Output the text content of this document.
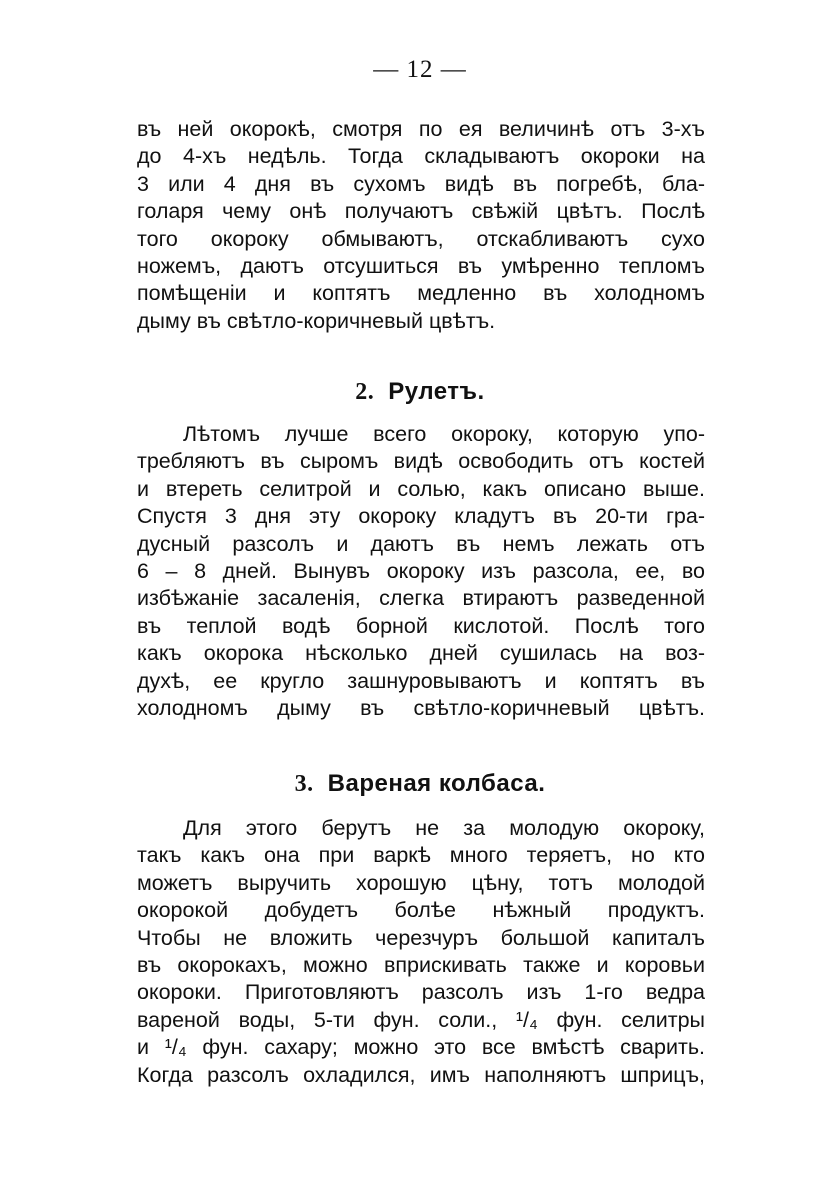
— 12 —
въ ней окорокѣ, смотря по ея величинѣ отъ 3-хъ
до 4-хъ недѣль. Тогда складываютъ окороки на
3 или 4 дня въ сухомъ видѣ въ погребѣ, бла-
голаря чему онѣ получаютъ свѣжiй цвѣтъ. Послѣ
того окороку обмываютъ, отскабливаютъ сухо
ножемъ, даютъ отсушиться въ умѣренно тепломъ
помѣщенiи и коптятъ медленно въ холодномъ
дыму въ свѣтло-коричневый цвѣтъ.
2. Рулетъ.
Лѣтомъ лучше всего окороку, которую упо-
требляютъ въ сыромъ видѣ освободить отъ костей
и втереть селитрой и солью, какъ описано выше.
Спустя 3 дня эту окороку кладутъ въ 20-ти гра-
дусный разсолъ и даютъ въ немъ лежать отъ
6 – 8 дней. Вынувъ окороку изъ разсола, ее, во
избѣжанiе засаленiя, слегка втираютъ разведенной
въ теплой водѣ борной кислотой. Послѣ того
какъ окорока нѣсколько дней сушилась на воз-
духѣ, ее кругло зашнуровываютъ и коптятъ въ
холодномъ дыму въ свѣтло-коричневый цвѣтъ.
3. Вареная колбаса.
Для этого берутъ не за молодую окороку,
такъ какъ она при варкѣ много теряетъ, но кто
можетъ выручить хорошую цѣну, тотъ молодой
окорокой добудетъ болѣе нѣжный продуктъ.
Чтобы не вложить черезчуръ большой капиталъ
въ окорокахъ, можно вприскивать также и коровьи
окороки. Приготовляютъ разсолъ изъ 1-го ведра
вареной воды, 5-ти фун. соли., ¹/₄ фун. селитры
и ¹/₄ фун. сахару; можно это все вмѣстѣ сварить.
Когда разсолъ охладился, имъ наполняютъ шприцъ,
